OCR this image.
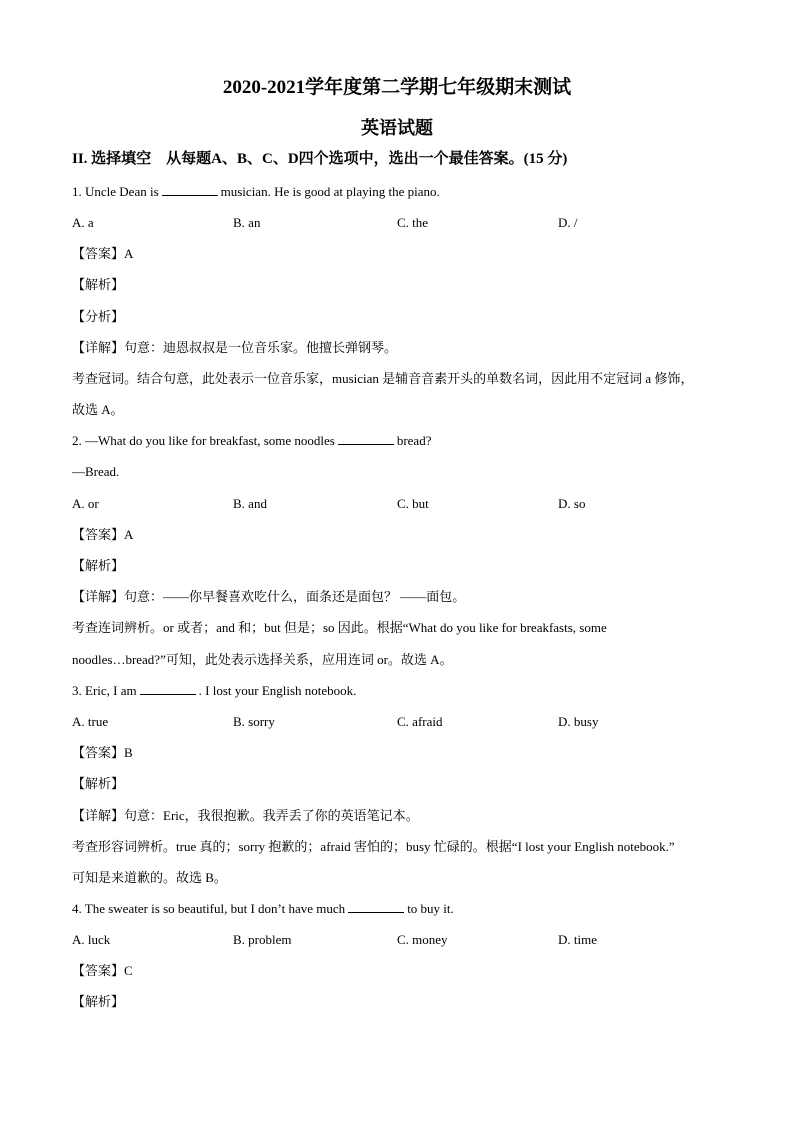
2020-2021学年度第二学期七年级期末测试
英语试题
II. 选择填空　从每题A、B、C、D四个选项中，选出一个最佳答案。(15 分)
1. Uncle Dean is	musician. He is good at playing the piano.
A. a	B. an	C. the	D. /
【答案】A
【解析】
【分析】
【详解】句意：迪恩叔叔是一位音乐家。他擅长弹钢琴。
考查冠词。结合句意，此处表示一位音乐家，musician 是辅音音素开头的单数名词，因此用不定冠词 a 修饰，
故选 A。
2. —What do you like for breakfast, some noodles	bread?
—Bread.
A. or	B. and	C. but	D. so
【答案】A
【解析】
【详解】句意：——你早餐喜欢吃什么，面条还是面包？ ——面包。
考查连词辨析。or 或者；and 和；but 但是；so 因此。根据“What do you like for breakfasts, some
noodles…bread?”可知，此处表示选择关系，应用连词 or。故选 A。
3. Eric, I am	. I lost your English notebook.
A. true	B. sorry	C. afraid	D. busy
【答案】B
【解析】
【详解】句意：Eric，我很抱歉。我弄丢了你的英语笔记本。
考查形容词辨析。true 真的；sorry 抱歉的；afraid 害怕的；busy 忙碌的。根据“I lost your English notebook.”
可知是来道歉的。故选 B。
4. The sweater is so beautiful, but I don’t have much	to buy it.
A. luck	B. problem	C. money	D. time
【答案】C
【解析】
